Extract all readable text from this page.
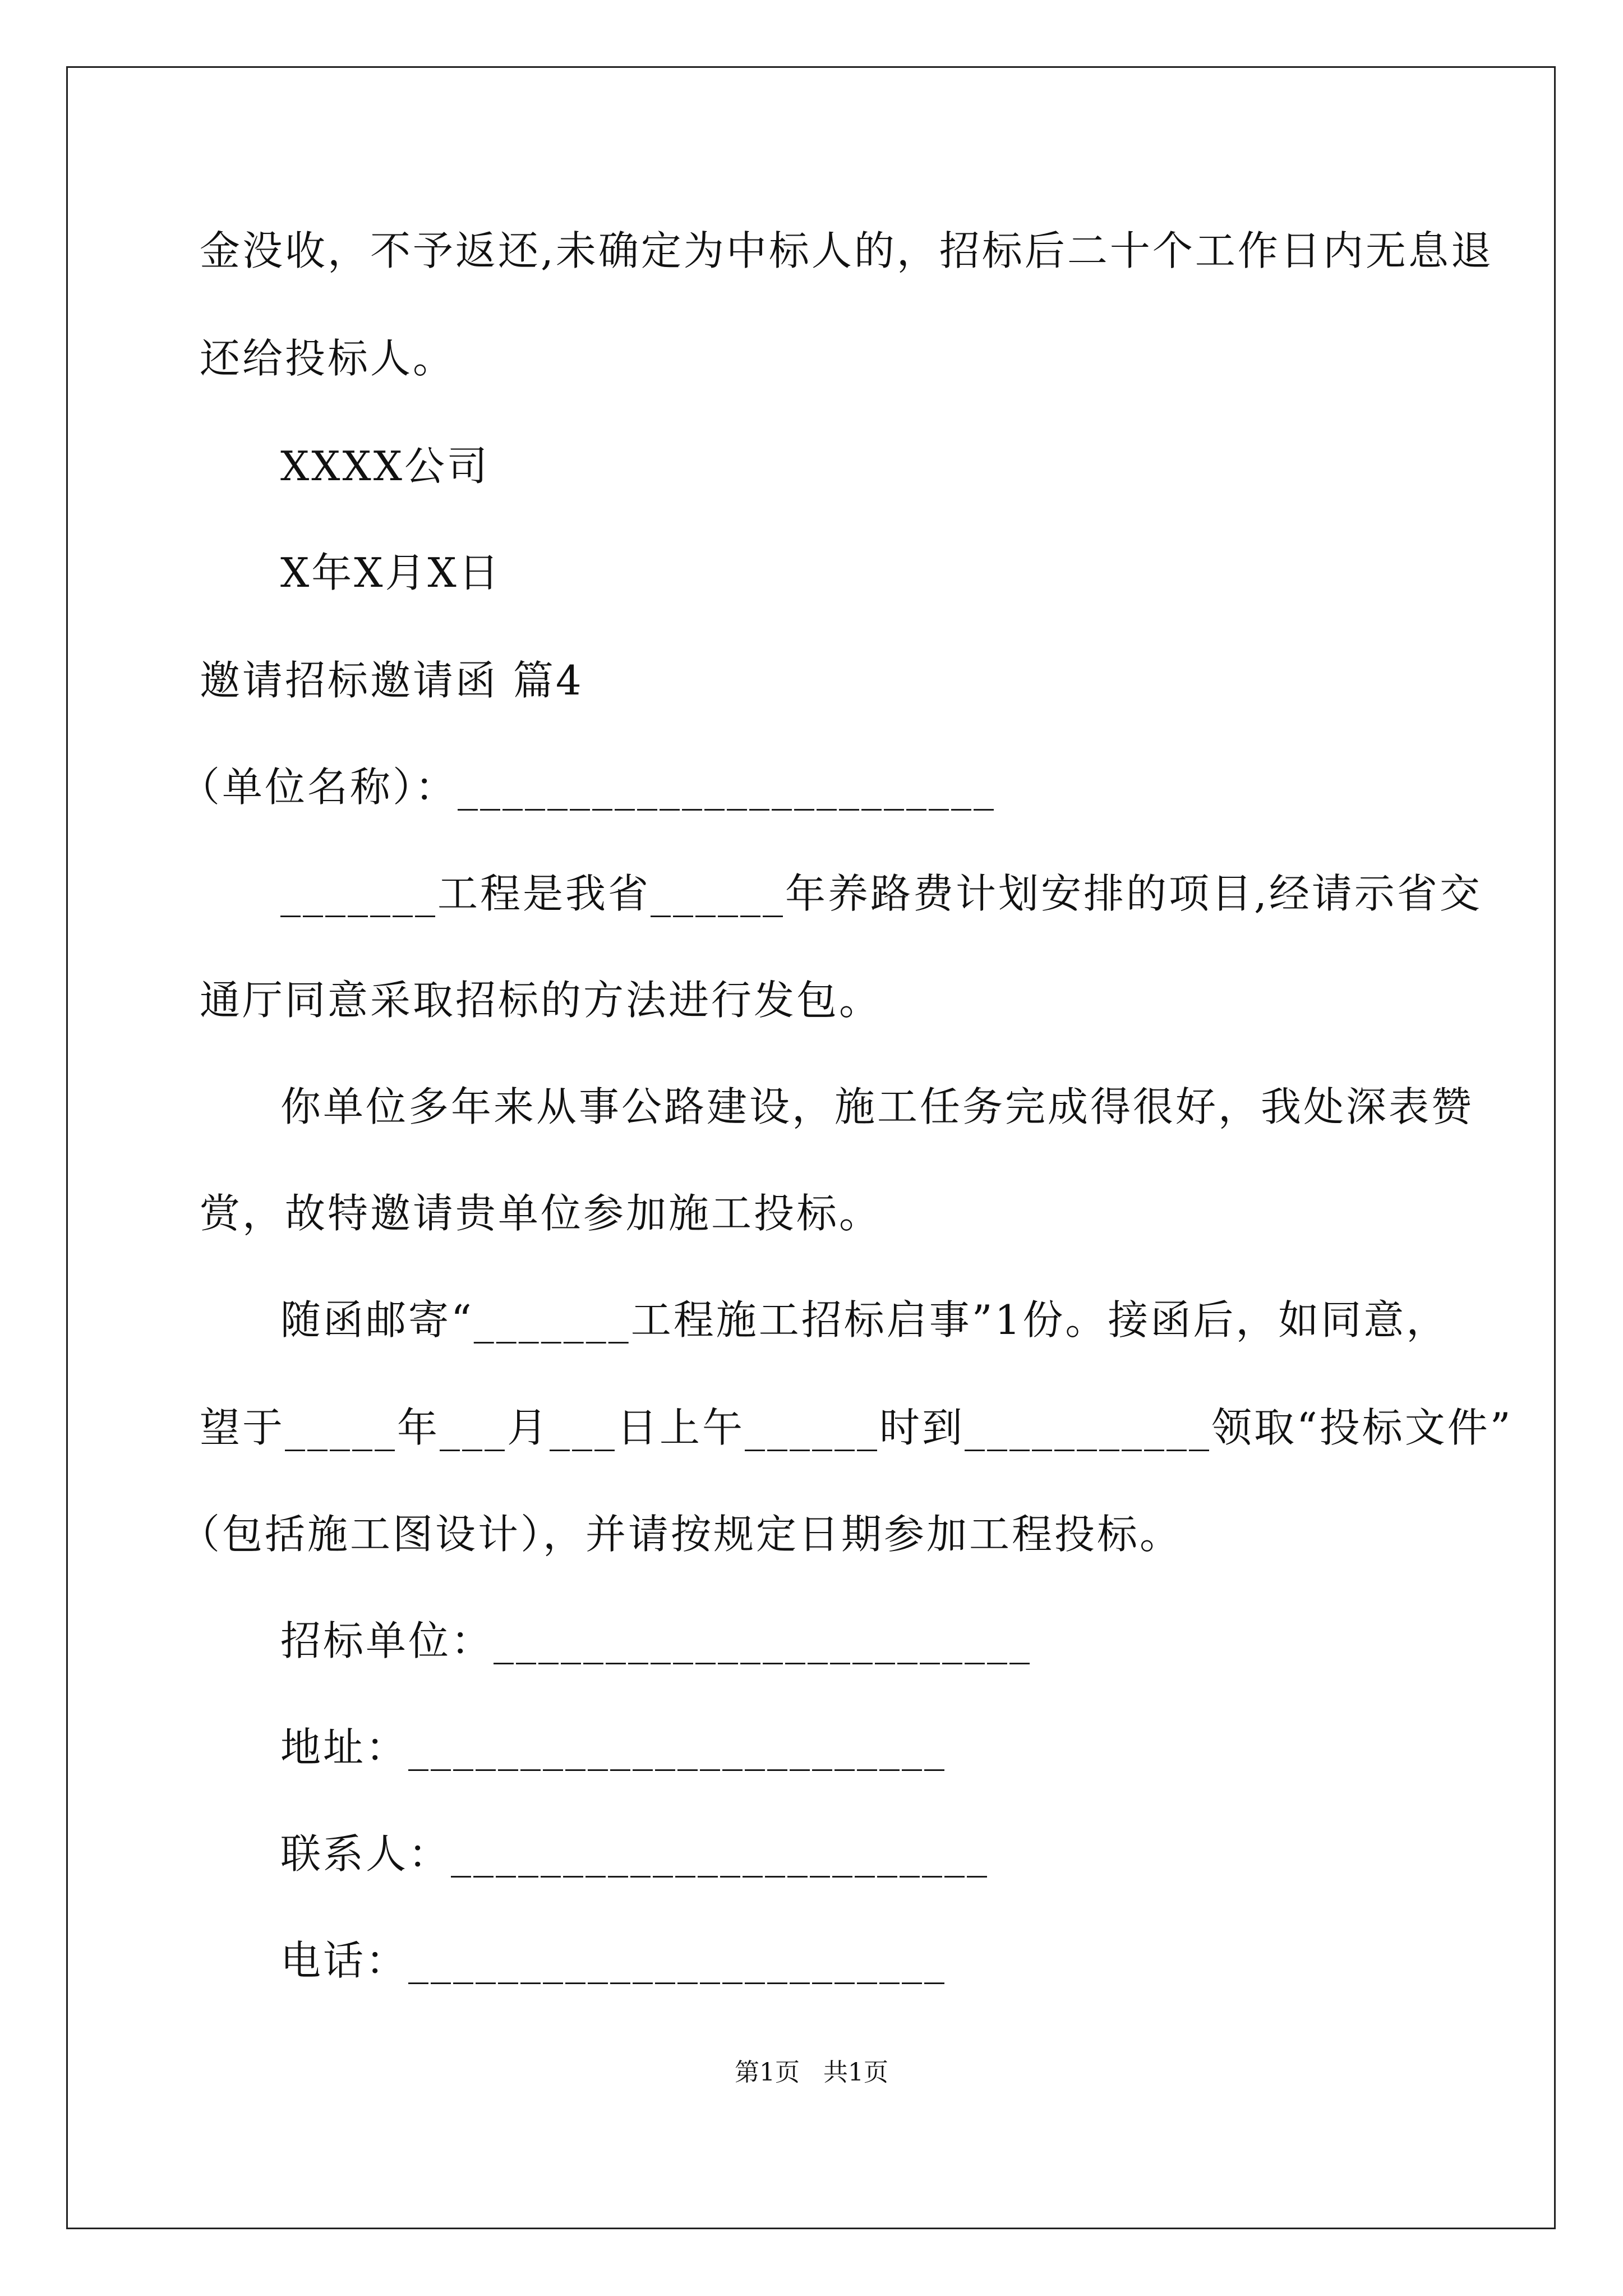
金没收，不予返还,未确定为中标人的，招标后二十个工作日内无息退
还给投标人。
XXXX公司
X年X月X日
邀请招标邀请函 篇4
（单位名称）：________________________
_______工程是我省______年养路费计划安排的项目,经请示省交
通厅同意采取招标的方法进行发包。
你单位多年来从事公路建设，施工任务完成得很好，我处深表赞
赏，故特邀请贵单位参加施工投标。
随函邮寄“_______工程施工招标启事”1份。接函后，如同意，
望于_____年___月___日上午______时到___________领取“投标文件”
（包括施工图设计），并请按规定日期参加工程投标。
招标单位：________________________
地址：________________________
联系人：________________________
电话：________________________
第1页   共1页
